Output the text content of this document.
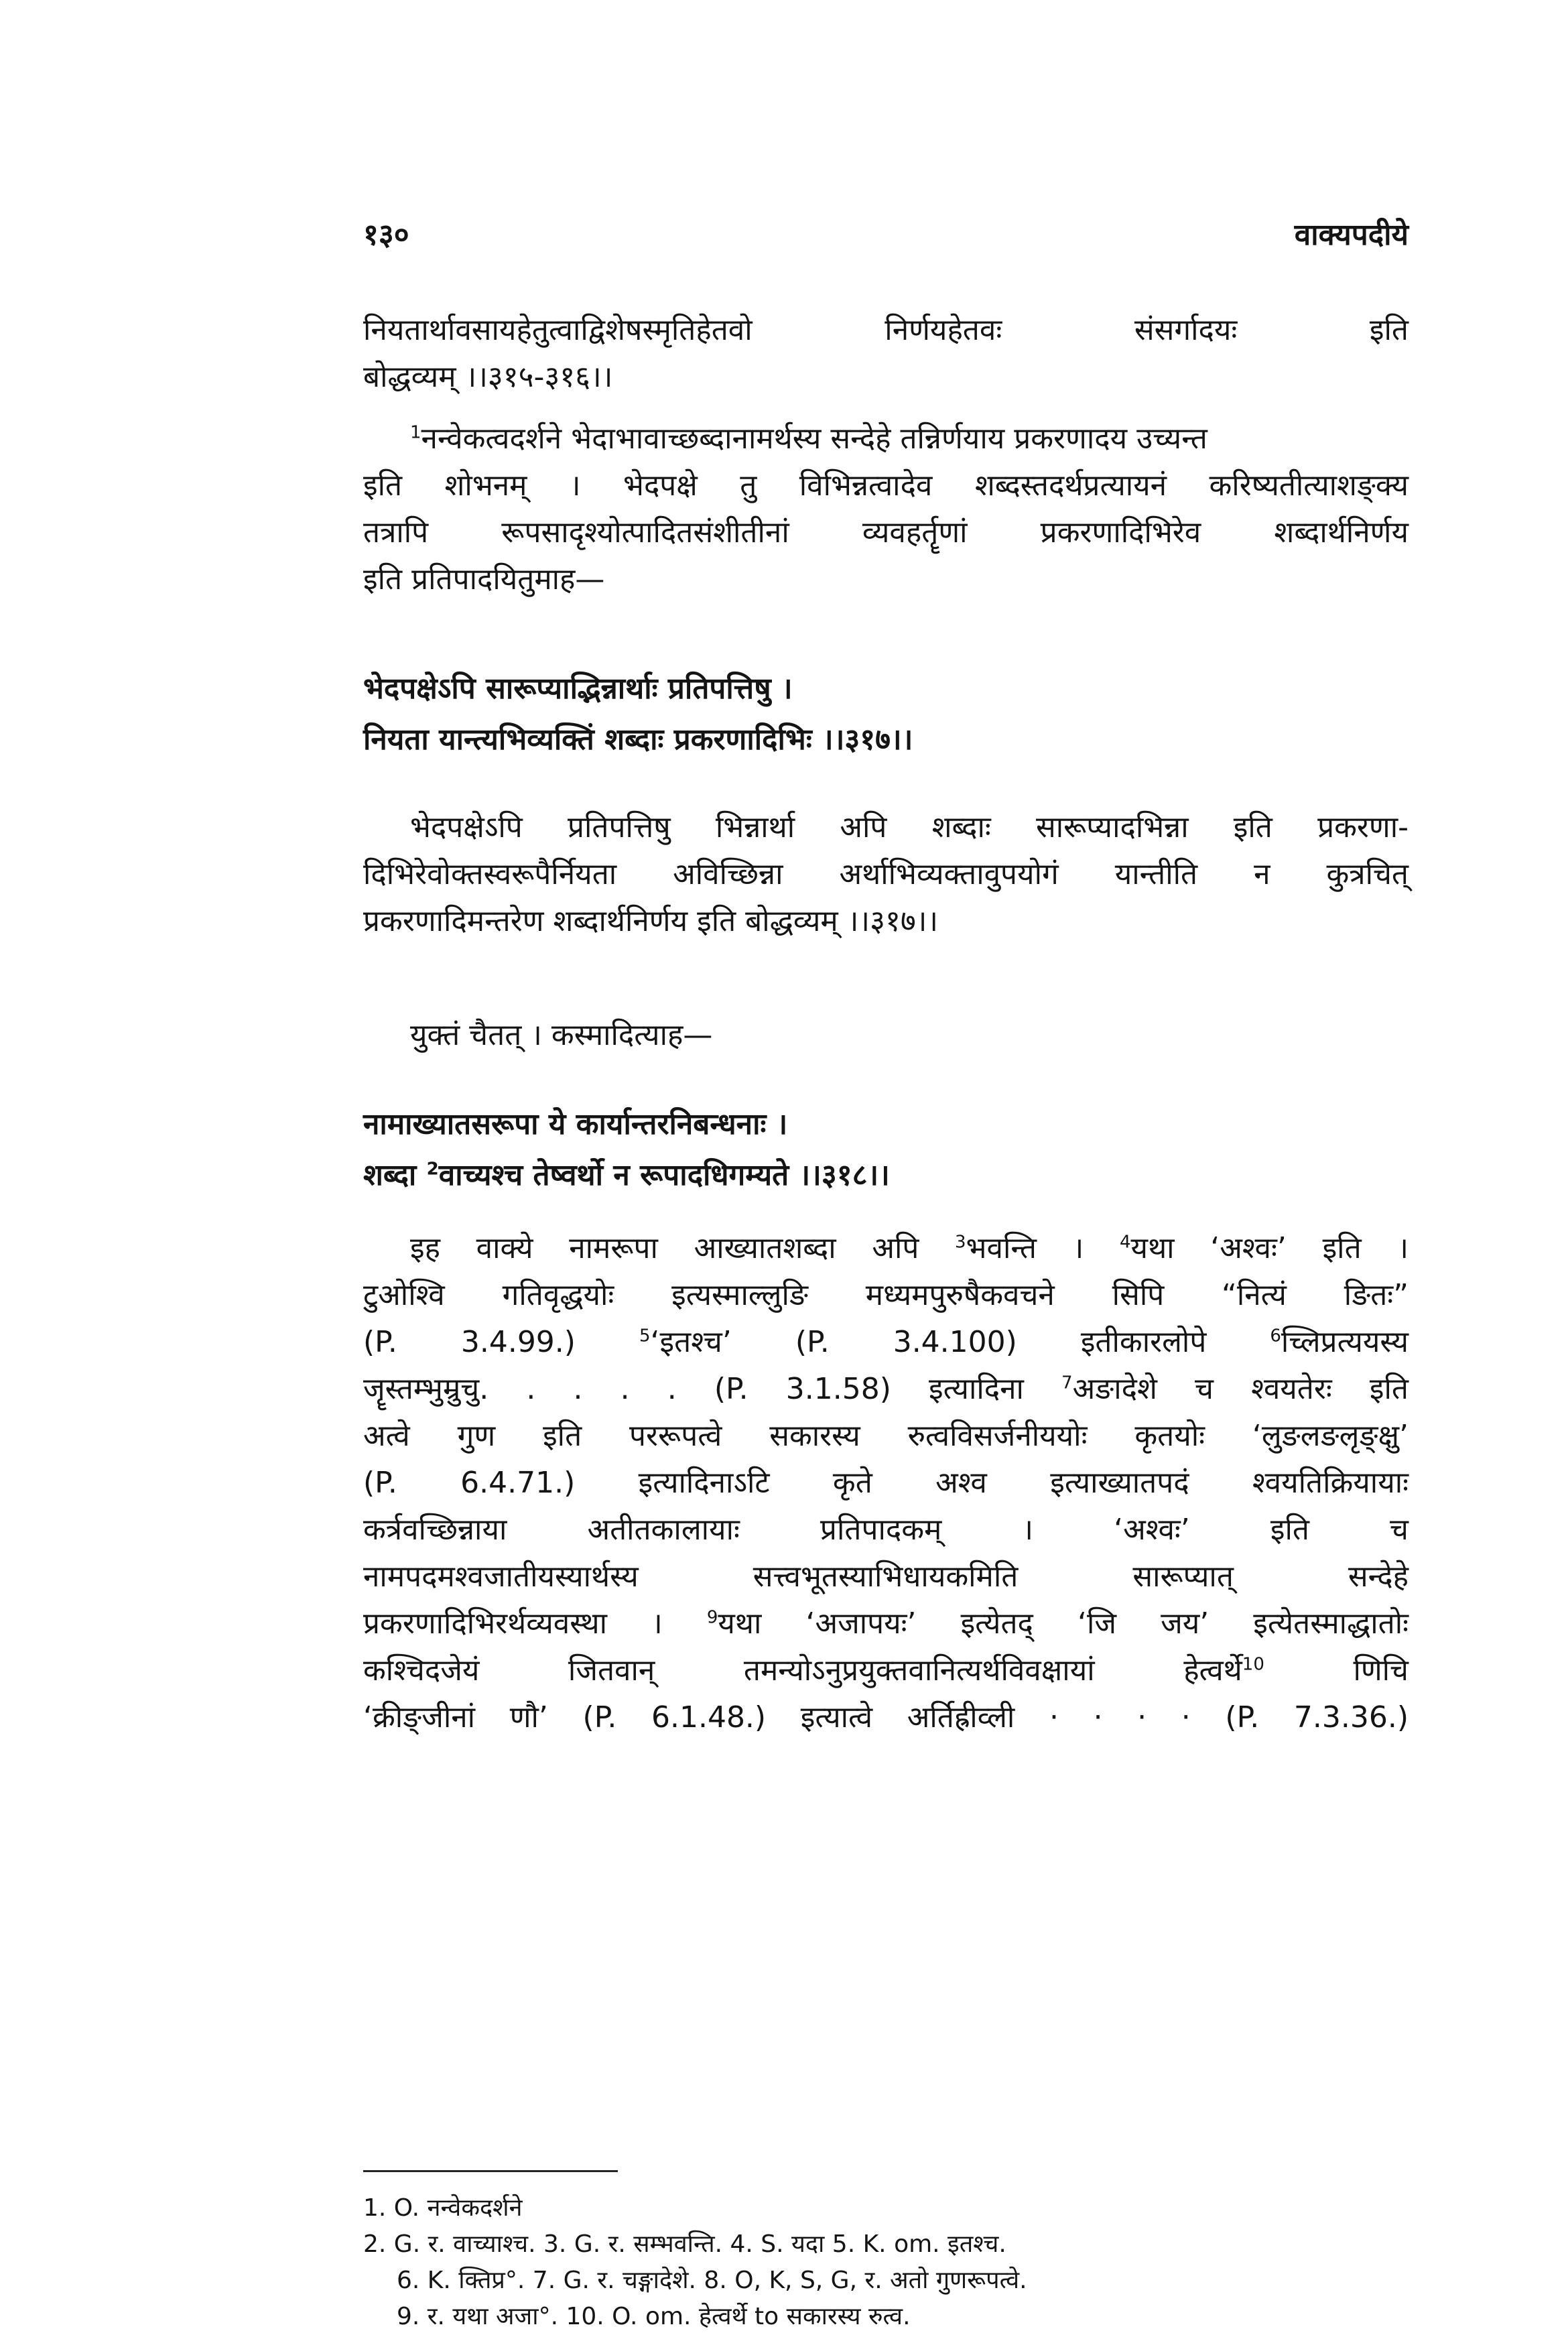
१३०	वाक्यपदीये
नियतार्थावसायहेतुत्वाद्विशेषस्मृतिहेतवो निर्णयहेतवः संसर्गादयः इति
बोद्धव्यम् ।।३१५-३१६।।
$^1$नन्वेकत्वदर्शने भेदाभावाच्छब्दानामर्थस्य सन्देहे तन्निर्णयाय प्रकरणादय उच्यन्त
इति शोभनम् । भेदपक्षे तु विभिन्नत्वादेव शब्दस्तदर्थप्रत्यायनं करिष्यतीत्याशङ्क्य
तत्रापि रूपसादृश्योत्पादितसंशीतीनां व्यवहर्तॄणां प्रकरणादिभिरेव शब्दार्थनिर्णय
इति प्रतिपादयितुमाह—

भेदपक्षेऽपि सारूप्याद्भिन्नार्थाः प्रतिपत्तिषु ।

नियता यान्त्यभिव्यक्तिं शब्दाः प्रकरणादिभिः ।।३१७।।

भेदपक्षेऽपि प्रतिपत्तिषु भिन्नार्था अपि शब्दाः सारूप्यादभिन्ना इति प्रकरणा-
दिभिरेवोक्तस्वरूपैर्नियता अविच्छिन्ना अर्थाभिव्यक्तावुपयोगं यान्तीति न कुत्रचित्
प्रकरणादिमन्तरेण शब्दार्थनिर्णय इति बोद्धव्यम् ।।३१७।।
युक्तं चैतत् । कस्मादित्याह—

नामाख्यातसरूपा ये कार्यान्तरनिबन्धनाः ।

शब्दा $^2$वाच्यश्च तेष्वर्थो न रूपादधिगम्यते ।।३१८।।

इह वाक्ये नामरूपा आख्यातशब्दा अपि $^3$भवन्ति । $^4$यथा ‘अश्वः’ इति ।
टुओश्वि गतिवृद्धयोः इत्यस्माल्लुङि मध्यमपुरुषैकवचने सिपि “नित्यं ङितः”
(P. 3.4.99.) $^5$‘इतश्च’ (P. 3.4.100) इतीकारलोपे $^6$च्लिप्रत्ययस्य
जॄस्तम्भुम्रुचु. . . . . (P. 3.1.58) इत्यादिना $^7$अङादेशे च श्वयतेरः इति
अत्वे गुण इति पररूपत्वे सकारस्य रुत्वविसर्जनीययोः कृतयोः ‘लुङलङलृङ्क्षु’
(P. 6.4.71.) इत्यादिनाऽटि कृते अश्व इत्याख्यातपदं श्वयतिक्रियायाः
कर्त्रवच्छिन्नाया अतीतकालायाः प्रतिपादकम् । ‘अश्वः’ इति च
नामपदमश्वजातीयस्यार्थस्य सत्त्वभूतस्याभिधायकमिति सारूप्यात् सन्देहे
प्रकरणादिभिरर्थव्यवस्था । $^9$यथा ‘अजापयः’ इत्येतद् ‘जि जय’ इत्येतस्माद्धातोः
कश्चिदजेयं जितवान् तमन्योऽनुप्रयुक्तवानित्यर्थविवक्षायां हेत्वर्थे$^{10}$ णिचि
‘क्रीङ्जीनां णौ’ (P. 6.1.48.) इत्यात्वे अर्तिह्रीव्ली · · · · (P. 7.3.36.)
1. O. नन्वेकदर्शने
2. G. र. वाच्याश्च. 3. G. र. सम्भवन्ति. 4. S. यदा 5. K. om. इतश्च.
6. K. क्तिप्र°. 7. G. र. चङ्गादेशे. 8. O, K, S, G, र. अतो गुणरूपत्वे.
9. र. यथा अजा°. 10. O. om. हेत्वर्थे to सकारस्य रुत्व.
